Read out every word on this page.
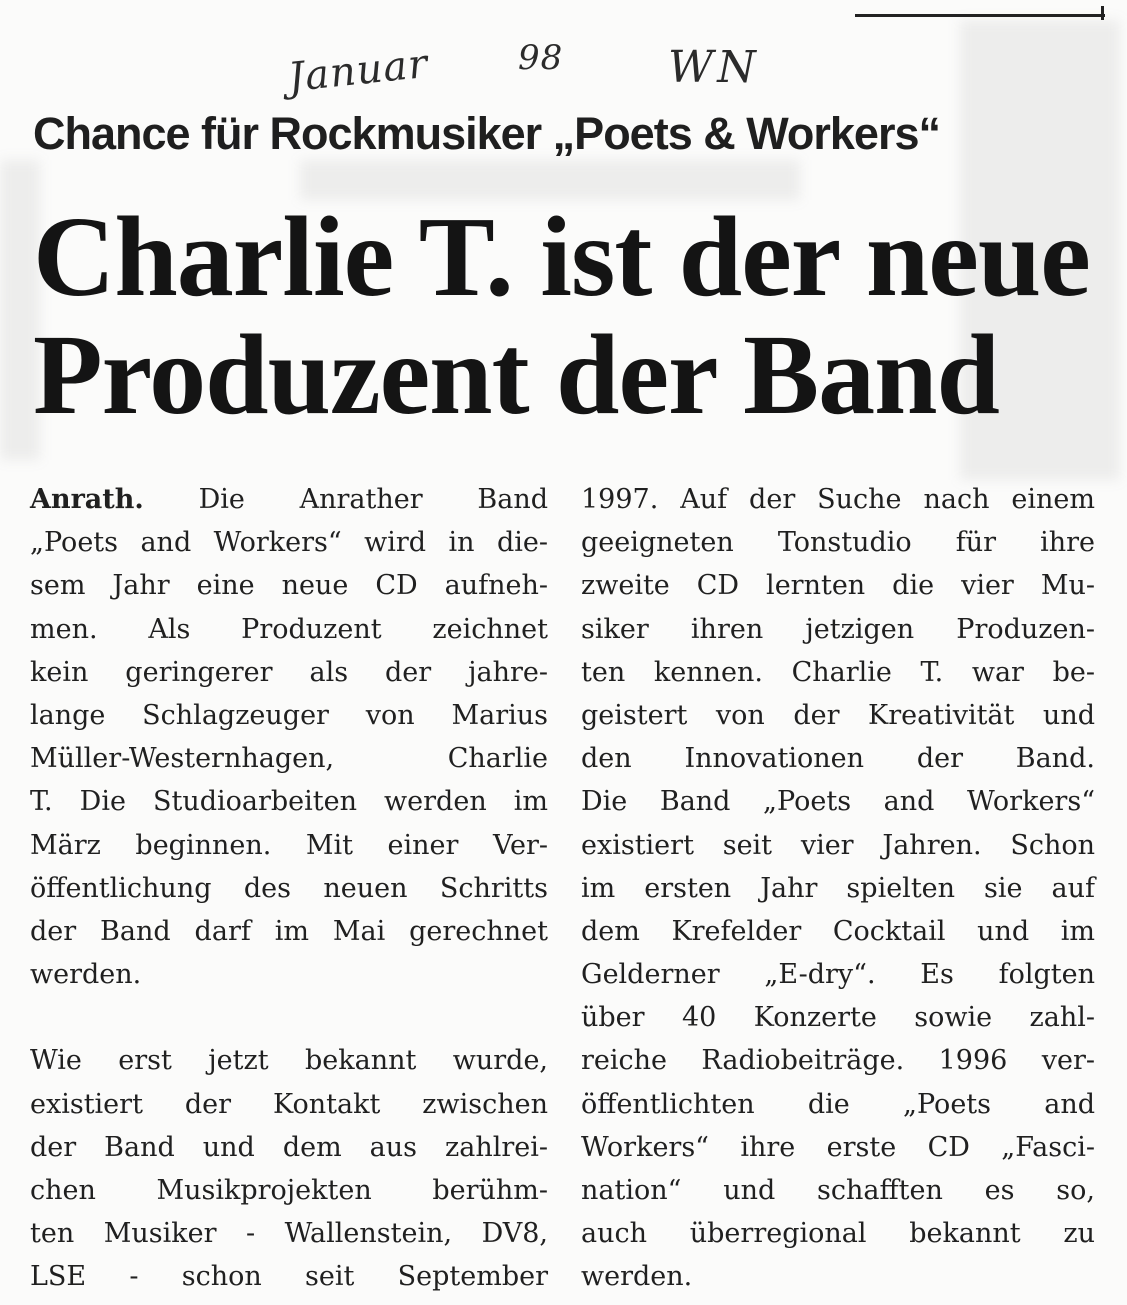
Januar	98 WN
Chance für Rockmusiker „Poets & Workers“
Charlie T. ist der neue
Produzent der Band
Anrath. Die Anrather Band
„Poets and Workers“ wird in die-
sem Jahr eine neue CD aufneh-
men. Als Produzent zeichnet
kein geringerer als der jahre-
lange Schlagzeuger von Marius
Müller-Westernhagen, Charlie
T. Die Studioarbeiten werden im
März beginnen. Mit einer Ver-
öffentlichung des neuen Schritts
der Band darf im Mai gerechnet
werden.
Wie erst jetzt bekannt wurde,
existiert der Kontakt zwischen
der Band und dem aus zahlrei-
chen Musikprojekten berühm-
ten Musiker - Wallenstein, DV8,
LSE - schon seit September
1997. Auf der Suche nach einem
geeigneten Tonstudio für ihre
zweite CD lernten die vier Mu-
siker ihren jetzigen Produzen-
ten kennen. Charlie T. war be-
geistert von der Kreativität und
den Innovationen der Band.
Die Band „Poets and Workers“
existiert seit vier Jahren. Schon
im ersten Jahr spielten sie auf
dem Krefelder Cocktail und im
Gelderner „E-dry“. Es folgten
über 40 Konzerte sowie zahl-
reiche Radiobeiträge. 1996 ver-
öffentlichten die „Poets and
Workers“ ihre erste CD „Fasci-
nation“ und schafften es so,
auch überregional bekannt zu
werden.
